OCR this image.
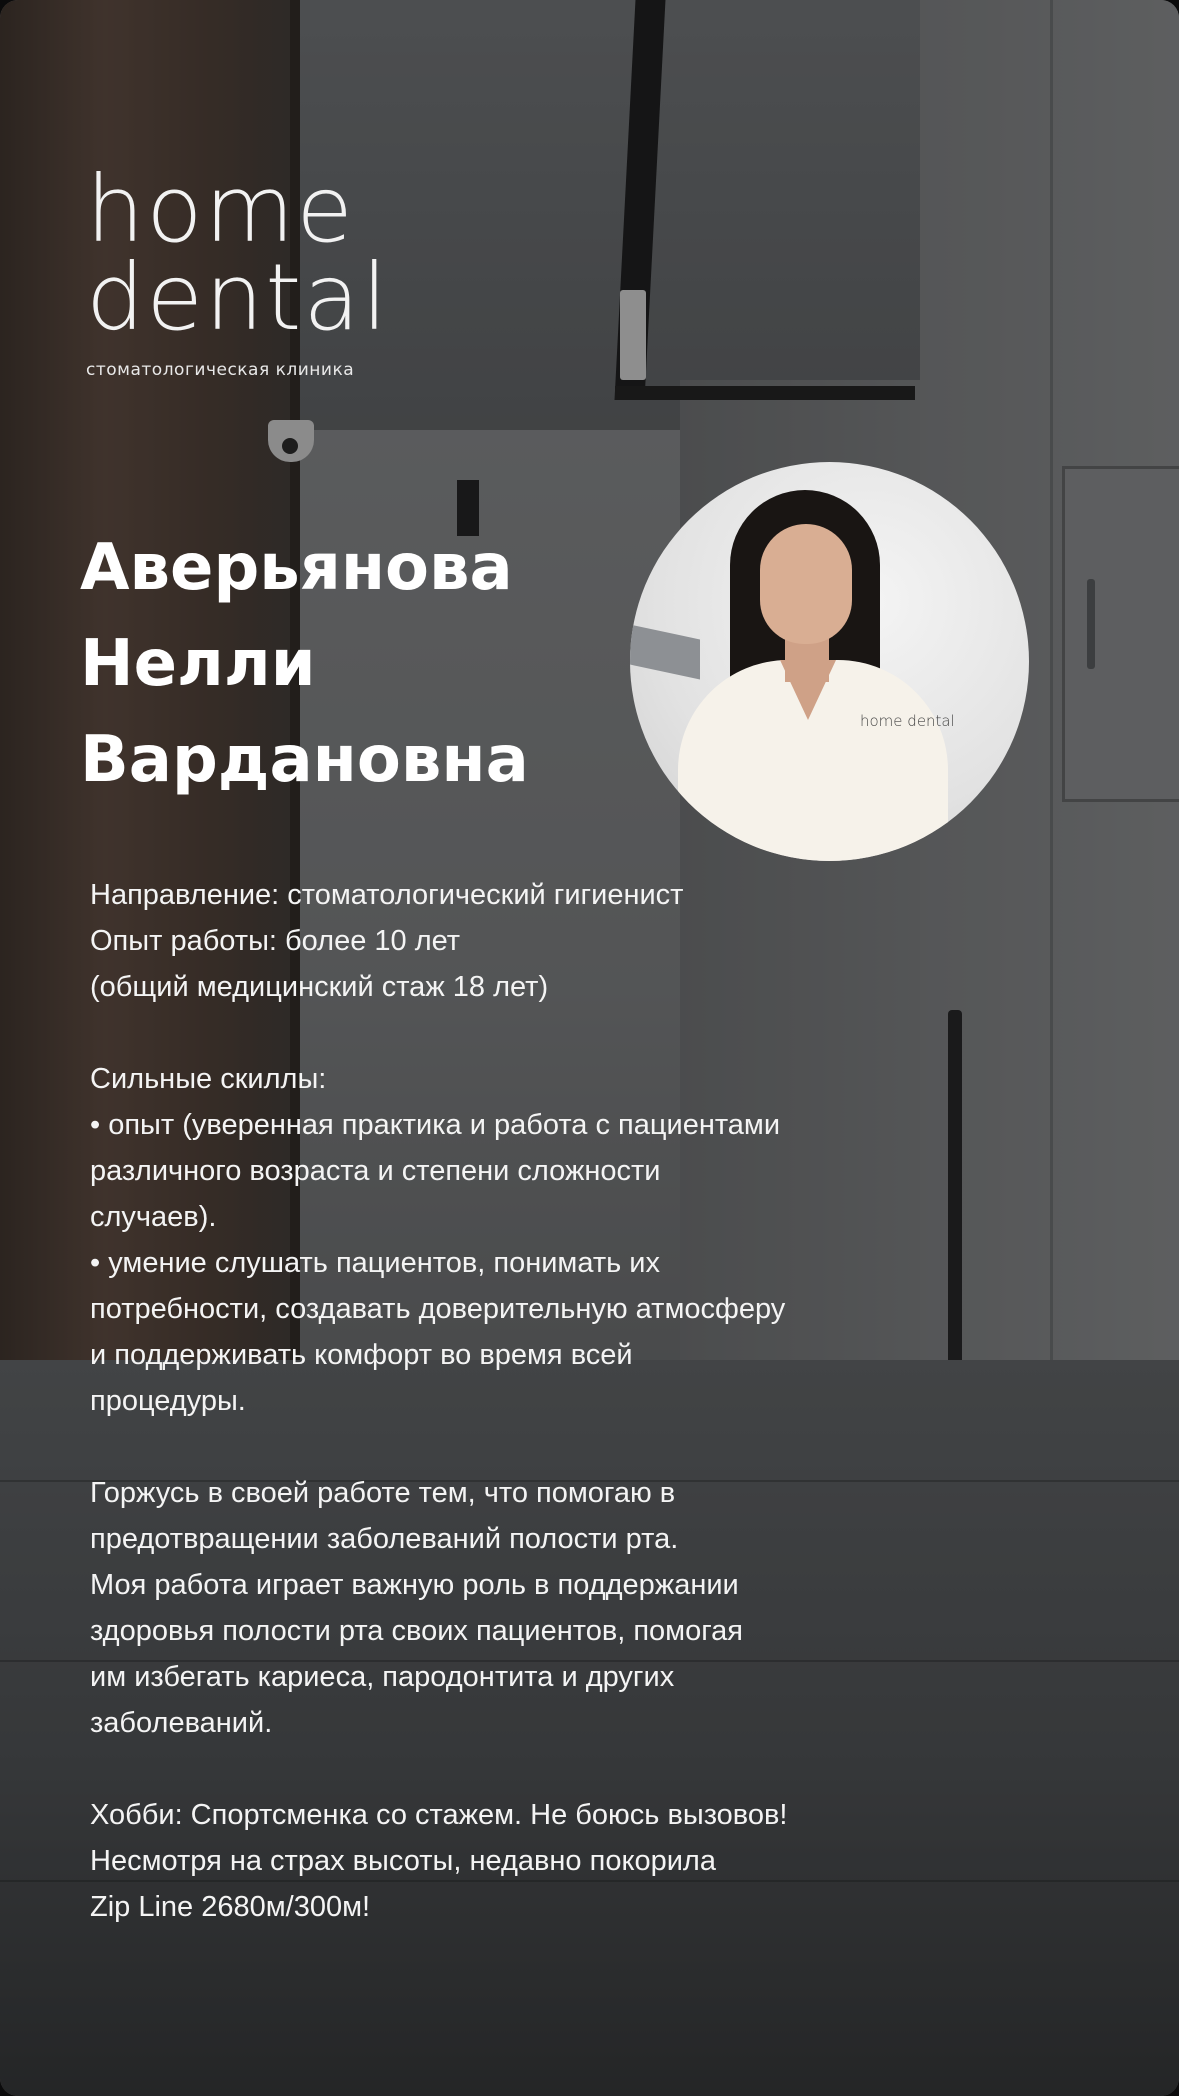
home
dental
стоматологическая клиника
Аверьянова
Нелли
Вардановна
home dental

Направление: стоматологический гигиенист

Опыт работы: более 10 лет

(общий медицинский стаж 18 лет)

Сильные скиллы:

• опыт (уверенная практика и работа с пациентами

различного возраста и степени сложности

случаев).

• умение слушать пациентов, понимать их

потребности, создавать доверительную атмосферу

и поддерживать комфорт во время всей

процедуры.

Горжусь в своей работе тем, что помогаю в

предотвращении заболеваний полости рта.

Моя работа играет важную роль в поддержании

здоровья полости рта своих пациентов, помогая

им избегать кариеса, пародонтита и других

заболеваний.

Хобби: Спортсменка со стажем. Не боюсь вызовов!

Несмотря на страх высоты, недавно покорила

Zip Line 2680м/300м!
